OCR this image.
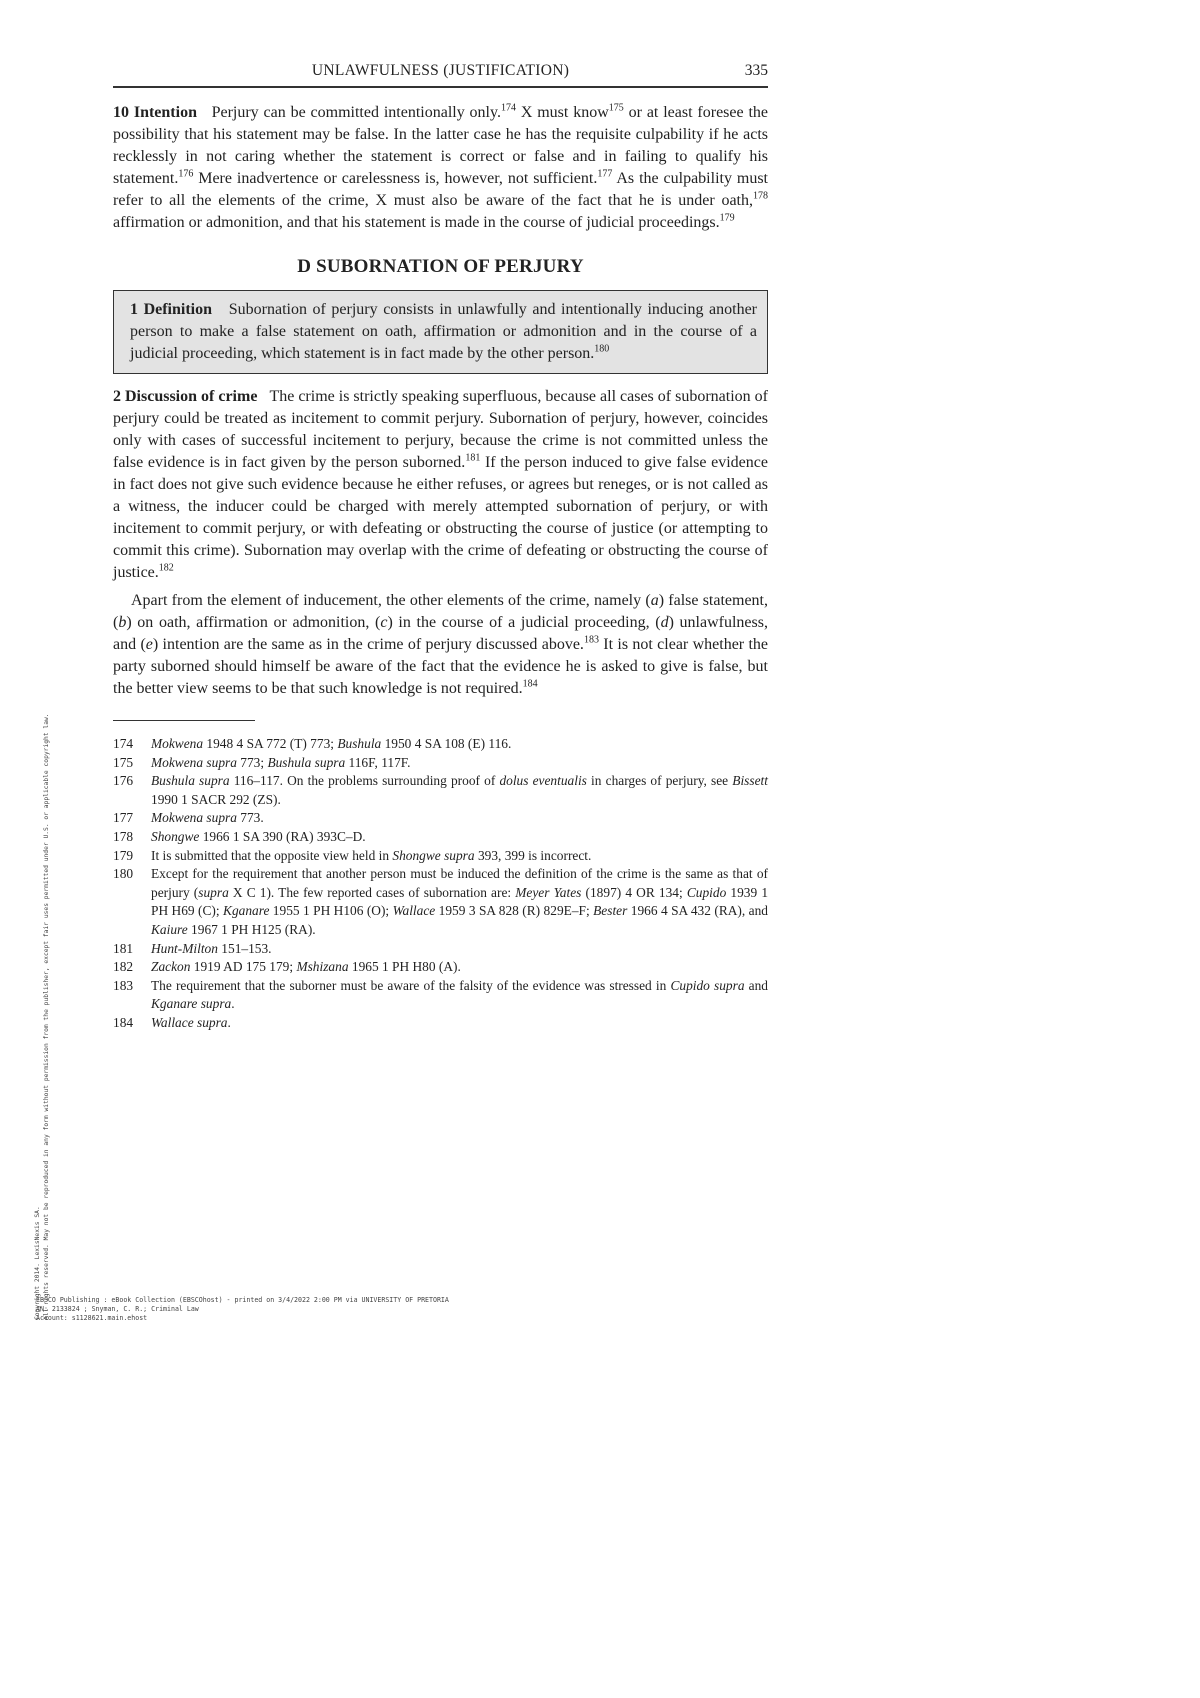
UNLAWFULNESS (JUSTIFICATION)	335

10 Intention Perjury can be committed intentionally only.$^{174}$ X must know$^{175}$ or at least foresee the possibility that his statement may be false. In the latter case he has the requisite culpability if he acts recklessly in not caring whether the statement is correct or false and in failing to qualify his statement.$^{176}$ Mere inadvertence or carelessness is, however, not sufficient.$^{177}$ As the culpability must refer to all the elements of the crime, X must also be aware of the fact that he is under oath,$^{178}$ affirmation or admonition, and that his statement is made in the course of judicial proceedings.$^{179}$

D SUBORNATION OF PERJURY

1 Definition Subornation of perjury consists in unlawfully and intentionally inducing another person to make a false statement on oath, affirmation or admonition and in the course of a judicial proceeding, which statement is in fact made by the other person.$^{180}$

2 Discussion of crime The crime is strictly speaking superfluous, because all cases of subornation of perjury could be treated as incitement to commit perjury. Subornation of perjury, however, coincides only with cases of successful incitement to perjury, because the crime is not committed unless the false evidence is in fact given by the person suborned.$^{181}$ If the person induced to give false evidence in fact does not give such evidence because he either refuses, or agrees but reneges, or is not called as a witness, the inducer could be charged with merely attempted subornation of perjury, or with incitement to commit perjury, or with defeating or obstructing the course of justice (or attempting to commit this crime). Subornation may overlap with the crime of defeating or obstructing the course of justice.$^{182}$

Apart from the element of inducement, the other elements of the crime, namely (a) false statement, (b) on oath, affirmation or admonition, (c) in the course of a judicial proceeding, (d) unlawfulness, and (e) intention are the same as in the crime of perjury discussed above.$^{183}$ It is not clear whether the party suborned should himself be aware of the fact that the evidence he is asked to give is false, but the better view seems to be that such knowledge is not required.$^{184}$

174	Mokwena 1948 4 SA 772 (T) 773; Bushula 1950 4 SA 108 (E) 116.
175	Mokwena supra 773; Bushula supra 116F, 117F.
176	Bushula supra 116–117. On the problems surrounding proof of dolus eventualis in charges of perjury, see Bissett 1990 1 SACR 292 (ZS).
177	Mokwena supra 773.
178	Shongwe 1966 1 SA 390 (RA) 393C–D.
179	It is submitted that the opposite view held in Shongwe supra 393, 399 is incorrect.
180	Except for the requirement that another person must be induced the definition of the crime is the same as that of perjury (supra X C 1). The few reported cases of subornation are: Meyer Yates (1897) 4 OR 134; Cupido 1939 1 PH H69 (C); Kganare 1955 1 PH H106 (O); Wallace 1959 3 SA 828 (R) 829E–F; Bester 1966 4 SA 432 (RA), and Kaiure 1967 1 PH H125 (RA).
181	Hunt-Milton 151–153.
182	Zackon 1919 AD 175 179; Mshizana 1965 1 PH H80 (A).
183	The requirement that the suborner must be aware of the falsity of the evidence was stressed in Cupido supra and Kganare supra.
184	Wallace supra.
Copyright 2014. LexisNexis SA. All rights reserved. May not be reproduced in any form without permission from the publisher, except fair uses permitted under U.S. or applicable copyright law.
EBSCO Publishing : eBook Collection (EBSCOhost) - printed on 3/4/2022 2:00 PM via UNIVERSITY OF PRETORIA
AN: 2133824 ; Snyman, C. R.; Criminal Law
Account: s1128621.main.ehost
